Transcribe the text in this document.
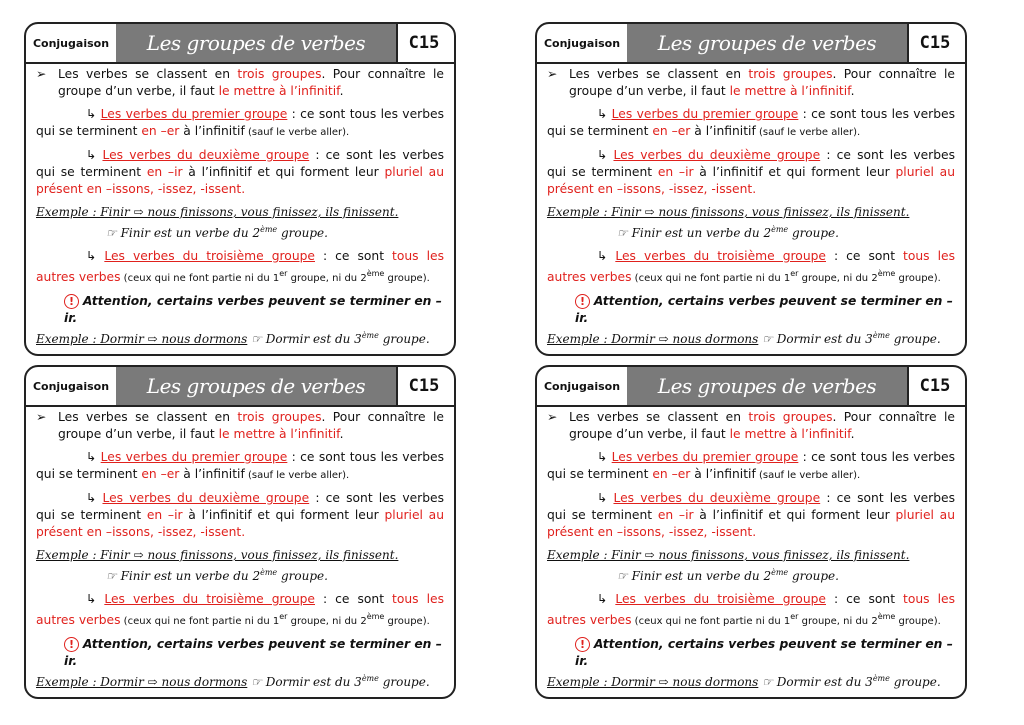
Conjugaison	Les groupes de verbes	C15
➢ Les verbes se classent en trois groupes. Pour connaître le groupe d’un verbe, il faut le mettre à l’infinitif.
↳ Les verbes du premier groupe : ce sont tous les verbes qui se terminent en –er à l’infinitif (sauf le verbe aller).
↳ Les verbes du deuxième groupe : ce sont les verbes qui se terminent en –ir à l’infinitif et qui forment leur pluriel au présent en –issons, -issez, -issent.
Exemple : Finir ⇨ nous finissons, vous finissez, ils finissent.
☞ Finir est un verbe du 2ème groupe.
↳ Les verbes du troisième groupe : ce sont tous les autres verbes (ceux qui ne font partie ni du 1er groupe, ni du 2ème groupe).
! Attention, certains verbes peuvent se terminer en –ir.
Exemple : Dormir ⇨ nous dormons ☞ Dormir est du 3ème groupe.
Conjugaison	Les groupes de verbes	C15
➢ Les verbes se classent en trois groupes. Pour connaître le groupe d’un verbe, il faut le mettre à l’infinitif.
↳ Les verbes du premier groupe : ce sont tous les verbes qui se terminent en –er à l’infinitif (sauf le verbe aller).
↳ Les verbes du deuxième groupe : ce sont les verbes qui se terminent en –ir à l’infinitif et qui forment leur pluriel au présent en –issons, -issez, -issent.
Exemple : Finir ⇨ nous finissons, vous finissez, ils finissent.
☞ Finir est un verbe du 2ème groupe.
↳ Les verbes du troisième groupe : ce sont tous les autres verbes (ceux qui ne font partie ni du 1er groupe, ni du 2ème groupe).
! Attention, certains verbes peuvent se terminer en –ir.
Exemple : Dormir ⇨ nous dormons ☞ Dormir est du 3ème groupe.
Conjugaison	Les groupes de verbes	C15
➢ Les verbes se classent en trois groupes. Pour connaître le groupe d’un verbe, il faut le mettre à l’infinitif.
↳ Les verbes du premier groupe : ce sont tous les verbes qui se terminent en –er à l’infinitif (sauf le verbe aller).
↳ Les verbes du deuxième groupe : ce sont les verbes qui se terminent en –ir à l’infinitif et qui forment leur pluriel au présent en –issons, -issez, -issent.
Exemple : Finir ⇨ nous finissons, vous finissez, ils finissent.
☞ Finir est un verbe du 2ème groupe.
↳ Les verbes du troisième groupe : ce sont tous les autres verbes (ceux qui ne font partie ni du 1er groupe, ni du 2ème groupe).
! Attention, certains verbes peuvent se terminer en –ir.
Exemple : Dormir ⇨ nous dormons ☞ Dormir est du 3ème groupe.
Conjugaison	Les groupes de verbes	C15
➢ Les verbes se classent en trois groupes. Pour connaître le groupe d’un verbe, il faut le mettre à l’infinitif.
↳ Les verbes du premier groupe : ce sont tous les verbes qui se terminent en –er à l’infinitif (sauf le verbe aller).
↳ Les verbes du deuxième groupe : ce sont les verbes qui se terminent en –ir à l’infinitif et qui forment leur pluriel au présent en –issons, -issez, -issent.
Exemple : Finir ⇨ nous finissons, vous finissez, ils finissent.
☞ Finir est un verbe du 2ème groupe.
↳ Les verbes du troisième groupe : ce sont tous les autres verbes (ceux qui ne font partie ni du 1er groupe, ni du 2ème groupe).
! Attention, certains verbes peuvent se terminer en –ir.
Exemple : Dormir ⇨ nous dormons ☞ Dormir est du 3ème groupe.
